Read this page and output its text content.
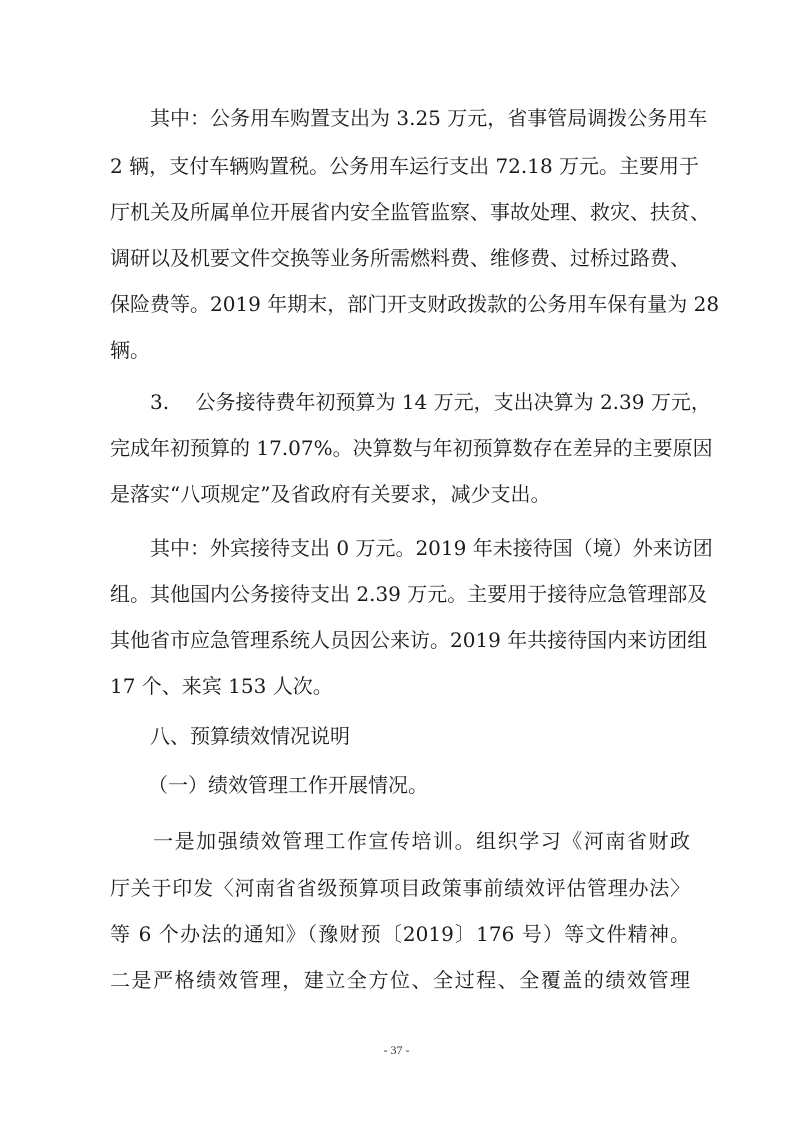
　　其中：公务用车购置支出为 3.25 万元，省事管局调拨公务用车
2 辆，支付车辆购置税。公务用车运行支出 72.18 万元。主要用于
厅机关及所属单位开展省内安全监管监察、事故处理、救灾、扶贫、
调研以及机要文件交换等业务所需燃料费、维修费、过桥过路费、
保险费等。2019 年期末，部门开支财政拨款的公务用车保有量为 28
辆。
　　3.　 公务接待费年初预算为 14 万元，支出决算为 2.39 万元，
完成年初预算的 17.07%。决算数与年初预算数存在差异的主要原因
是落实“八项规定”及省政府有关要求，减少支出。
　　其中：外宾接待支出 0 万元。2019 年未接待国（境）外来访团
组。其他国内公务接待支出 2.39 万元。主要用于接待应急管理部及
其他省市应急管理系统人员因公来访。2019 年共接待国内来访团组
17 个、来宾 153 人次。
八、预算绩效情况说明
（一）绩效管理工作开展情况。
　　一是加强绩效管理工作宣传培训。组织学习《河南省财政
厅关于印发〈河南省省级预算项目政策事前绩效评估管理办法〉
等 6 个办法的通知》（豫财预〔2019〕176 号）等文件精神。
二是严格绩效管理，建立全方位、全过程、全覆盖的绩效管理
- 37 -
